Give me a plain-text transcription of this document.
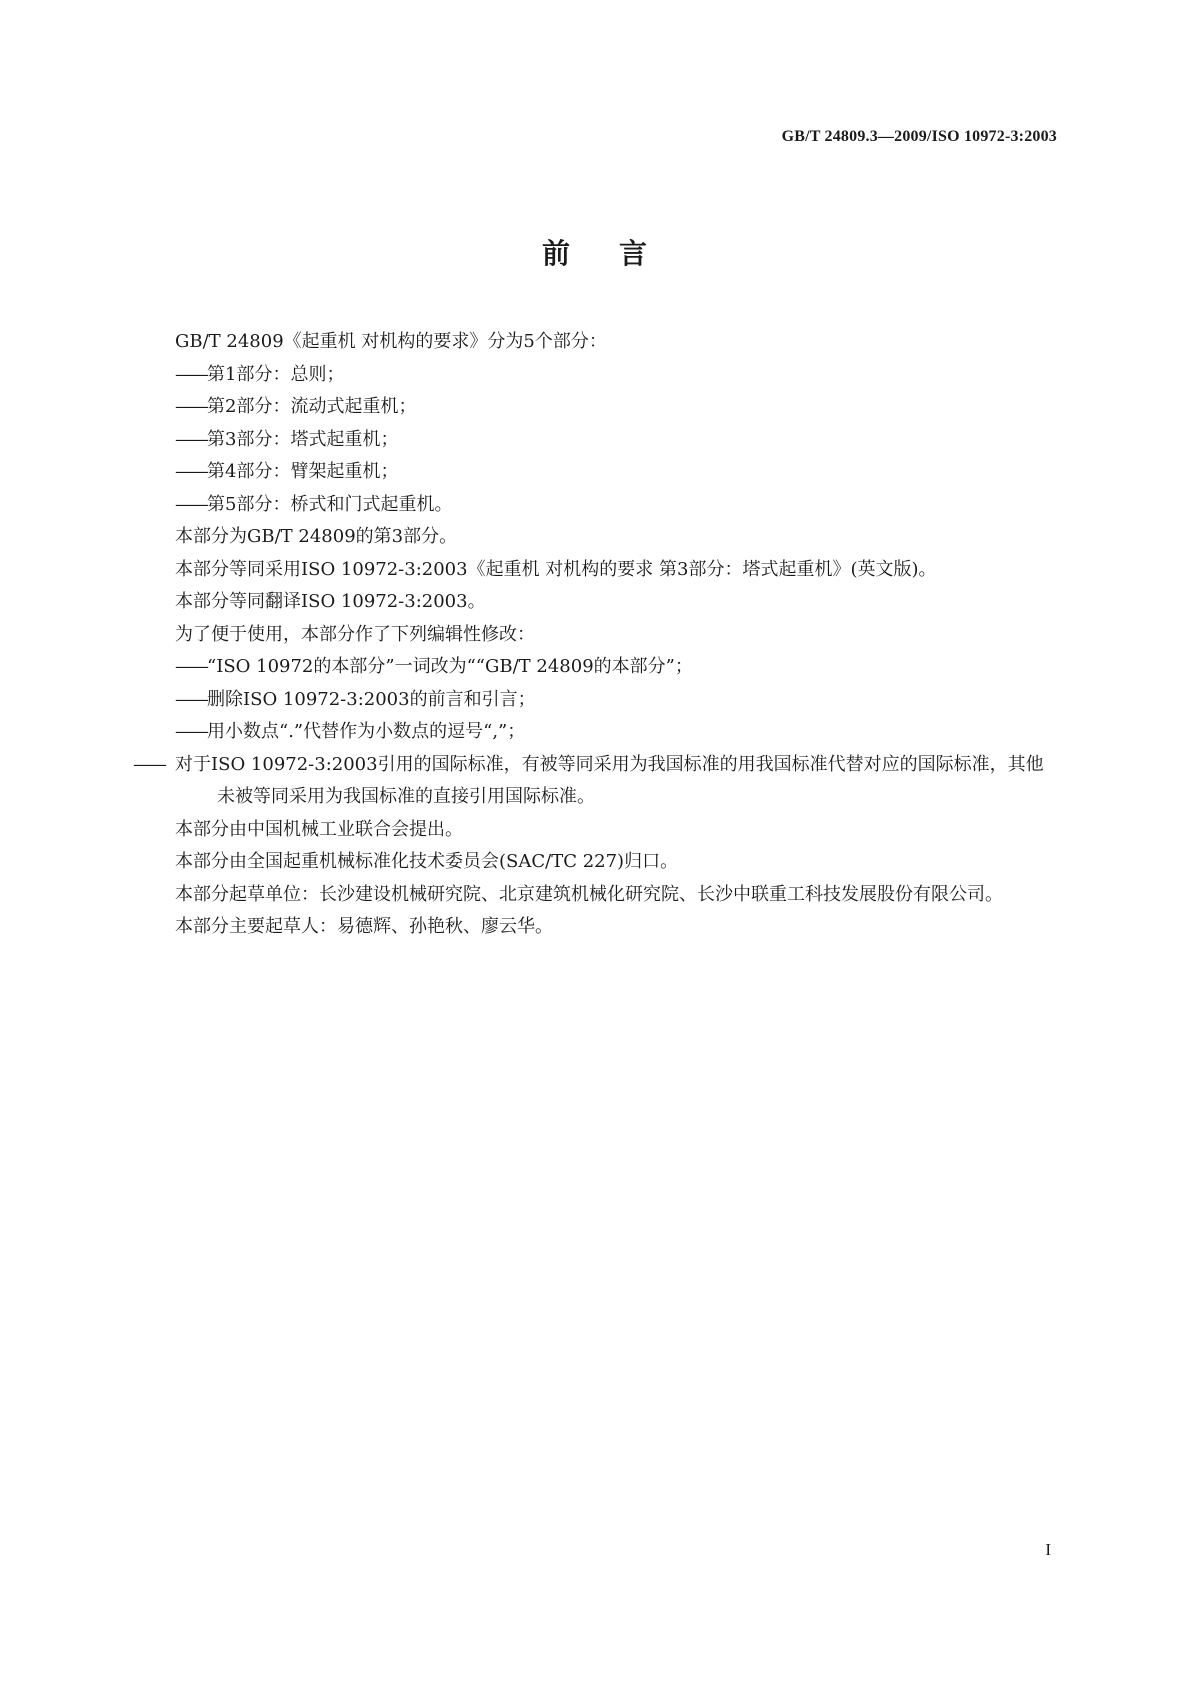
GB/T 24809.3—2009/ISO 10972-3:2003
前    言

GB/T 24809《起重机 对机构的要求》分为5个部分：

——第1部分：总则；

——第2部分：流动式起重机；

——第3部分：塔式起重机；

——第4部分：臂架起重机；

——第5部分：桥式和门式起重机。

本部分为GB/T 24809的第3部分。

本部分等同采用ISO 10972-3:2003《起重机 对机构的要求 第3部分：塔式起重机》(英文版)。

本部分等同翻译ISO 10972-3:2003。

为了便于使用，本部分作了下列编辑性修改：

——“ISO 10972的本部分”一词改为““GB/T 24809的本部分”；

——删除ISO 10972-3:2003的前言和引言；

——用小数点“.”代替作为小数点的逗号“,”；

—— 对于ISO 10972-3:2003引用的国际标准，有被等同采用为我国标准的用我国标准代替对应的国际标准，其他未被等同采用为我国标准的直接引用国际标准。

本部分由中国机械工业联合会提出。

本部分由全国起重机械标准化技术委员会(SAC/TC 227)归口。

本部分起草单位：长沙建设机械研究院、北京建筑机械化研究院、长沙中联重工科技发展股份有限公司。

本部分主要起草人：易德辉、孙艳秋、廖云华。

I
